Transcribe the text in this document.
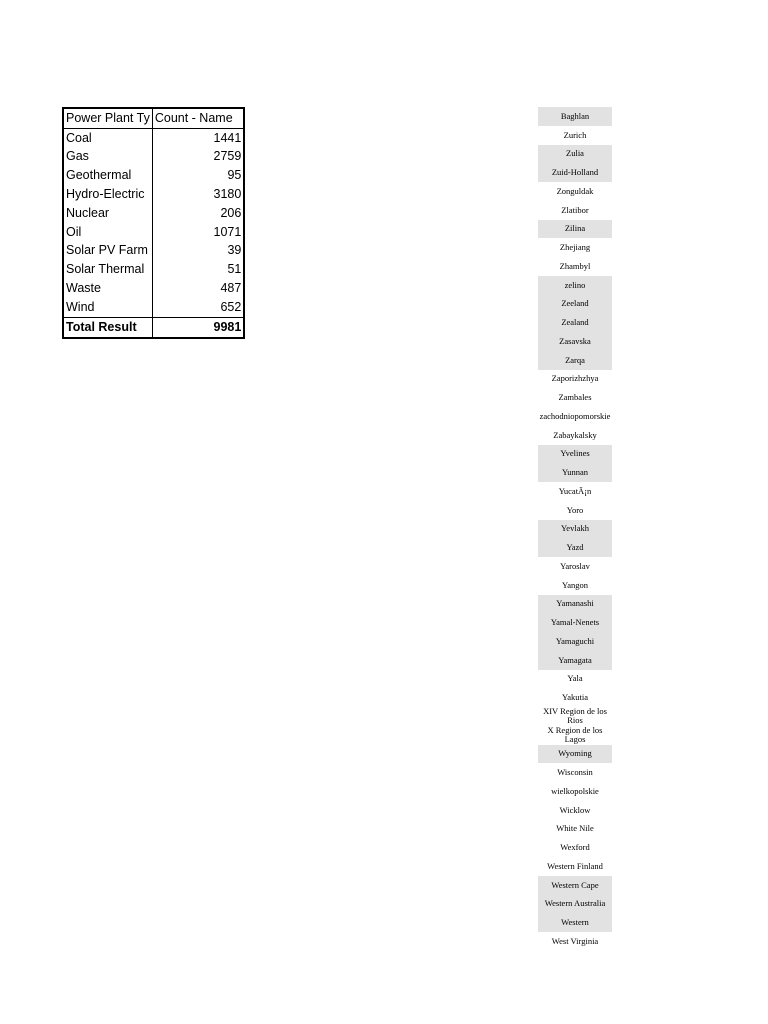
Power Plant Ty	Count - Name
Coal	1441
Gas	2759
Geothermal	95
Hydro-Electric	3180
Nuclear	206
Oil	1071
Solar PV Farm	39
Solar Thermal	51
Waste	487
Wind	652
Total Result	9981
Baghlan
Zurich
Zulia
Zuid-Holland
Zonguldak
Zlatibor
Zilina
Zhejiang
Zhambyl
zelino
Zeeland
Zealand
Zasavska
Zarqa
Zaporizhzhya
Zambales
zachodniopomorskie
Zabaykalsky
Yvelines
Yunnan
YucatÃ¡n
Yoro
Yevlakh
Yazd
Yaroslav
Yangon
Yamanashi
Yamal-Nenets
Yamaguchi
Yamagata
Yala
Yakutia
XIV Region de los Rios
X Region de los Lagos
Wyoming
Wisconsin
wielkopolskie
Wicklow
White Nile
Wexford
Western Finland
Western Cape
Western Australia
Western
West Virginia
